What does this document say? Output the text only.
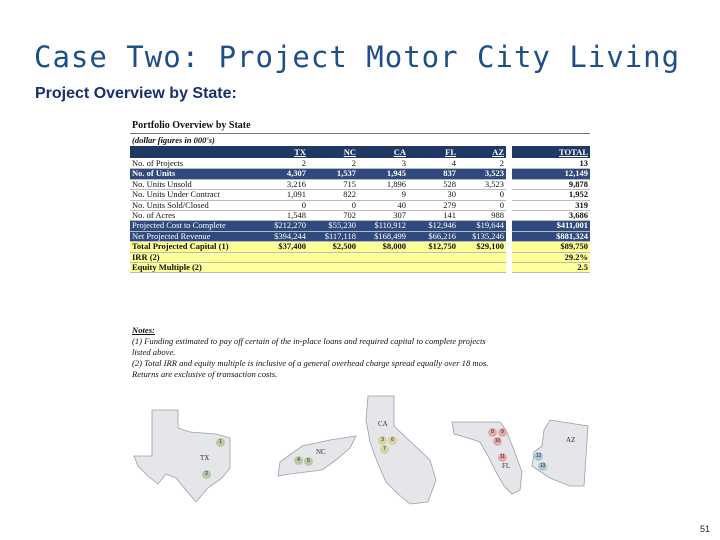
Case Two: Project Motor City Living
Project Overview by State:
Portfolio Overview by State
(dollar figures in 000's)
	TX	NC	CA	FL	AZ		TOTAL
No. of Projects	2	2	3	4	2		13
No. of Units	4,307	1,537	1,945	837	3,523		12,149
No. Units Unsold	3,216	715	1,896	528	3,523		9,878
No. Units Under Contract	1,091	822	9	30	0		1,952
No. Units Sold/Closed	0	0	40	279	0		319
No. of Acres	1,548	702	307	141	988		3,686
Projected Cost to Complete	$212,270	$55,230	$110,912	$12,946	$19,644		$411,001
Net Projected Revenue	$394,244	$117,118	$168,499	$66,216	$135,246		$881,324
Total Projected Capital (1)	$37,400	$2,500	$8,000	$12,750	$29,100		$89,750
IRR (2)							29.2%
Equity Multiple (2)							2.5
Notes:
(1) Funding estimated to pay off certain of the in-place loans and required capital to complete projects listed above.
(2) Total IRR and equity multiple is inclusive of a general overhead charge spread equally over 18 mos. Returns are exclusive of transaction costs.
TX
NC
CA
FL
AZ
1
2
4	5
3	6
7
8	9
10
11	12
13
51
